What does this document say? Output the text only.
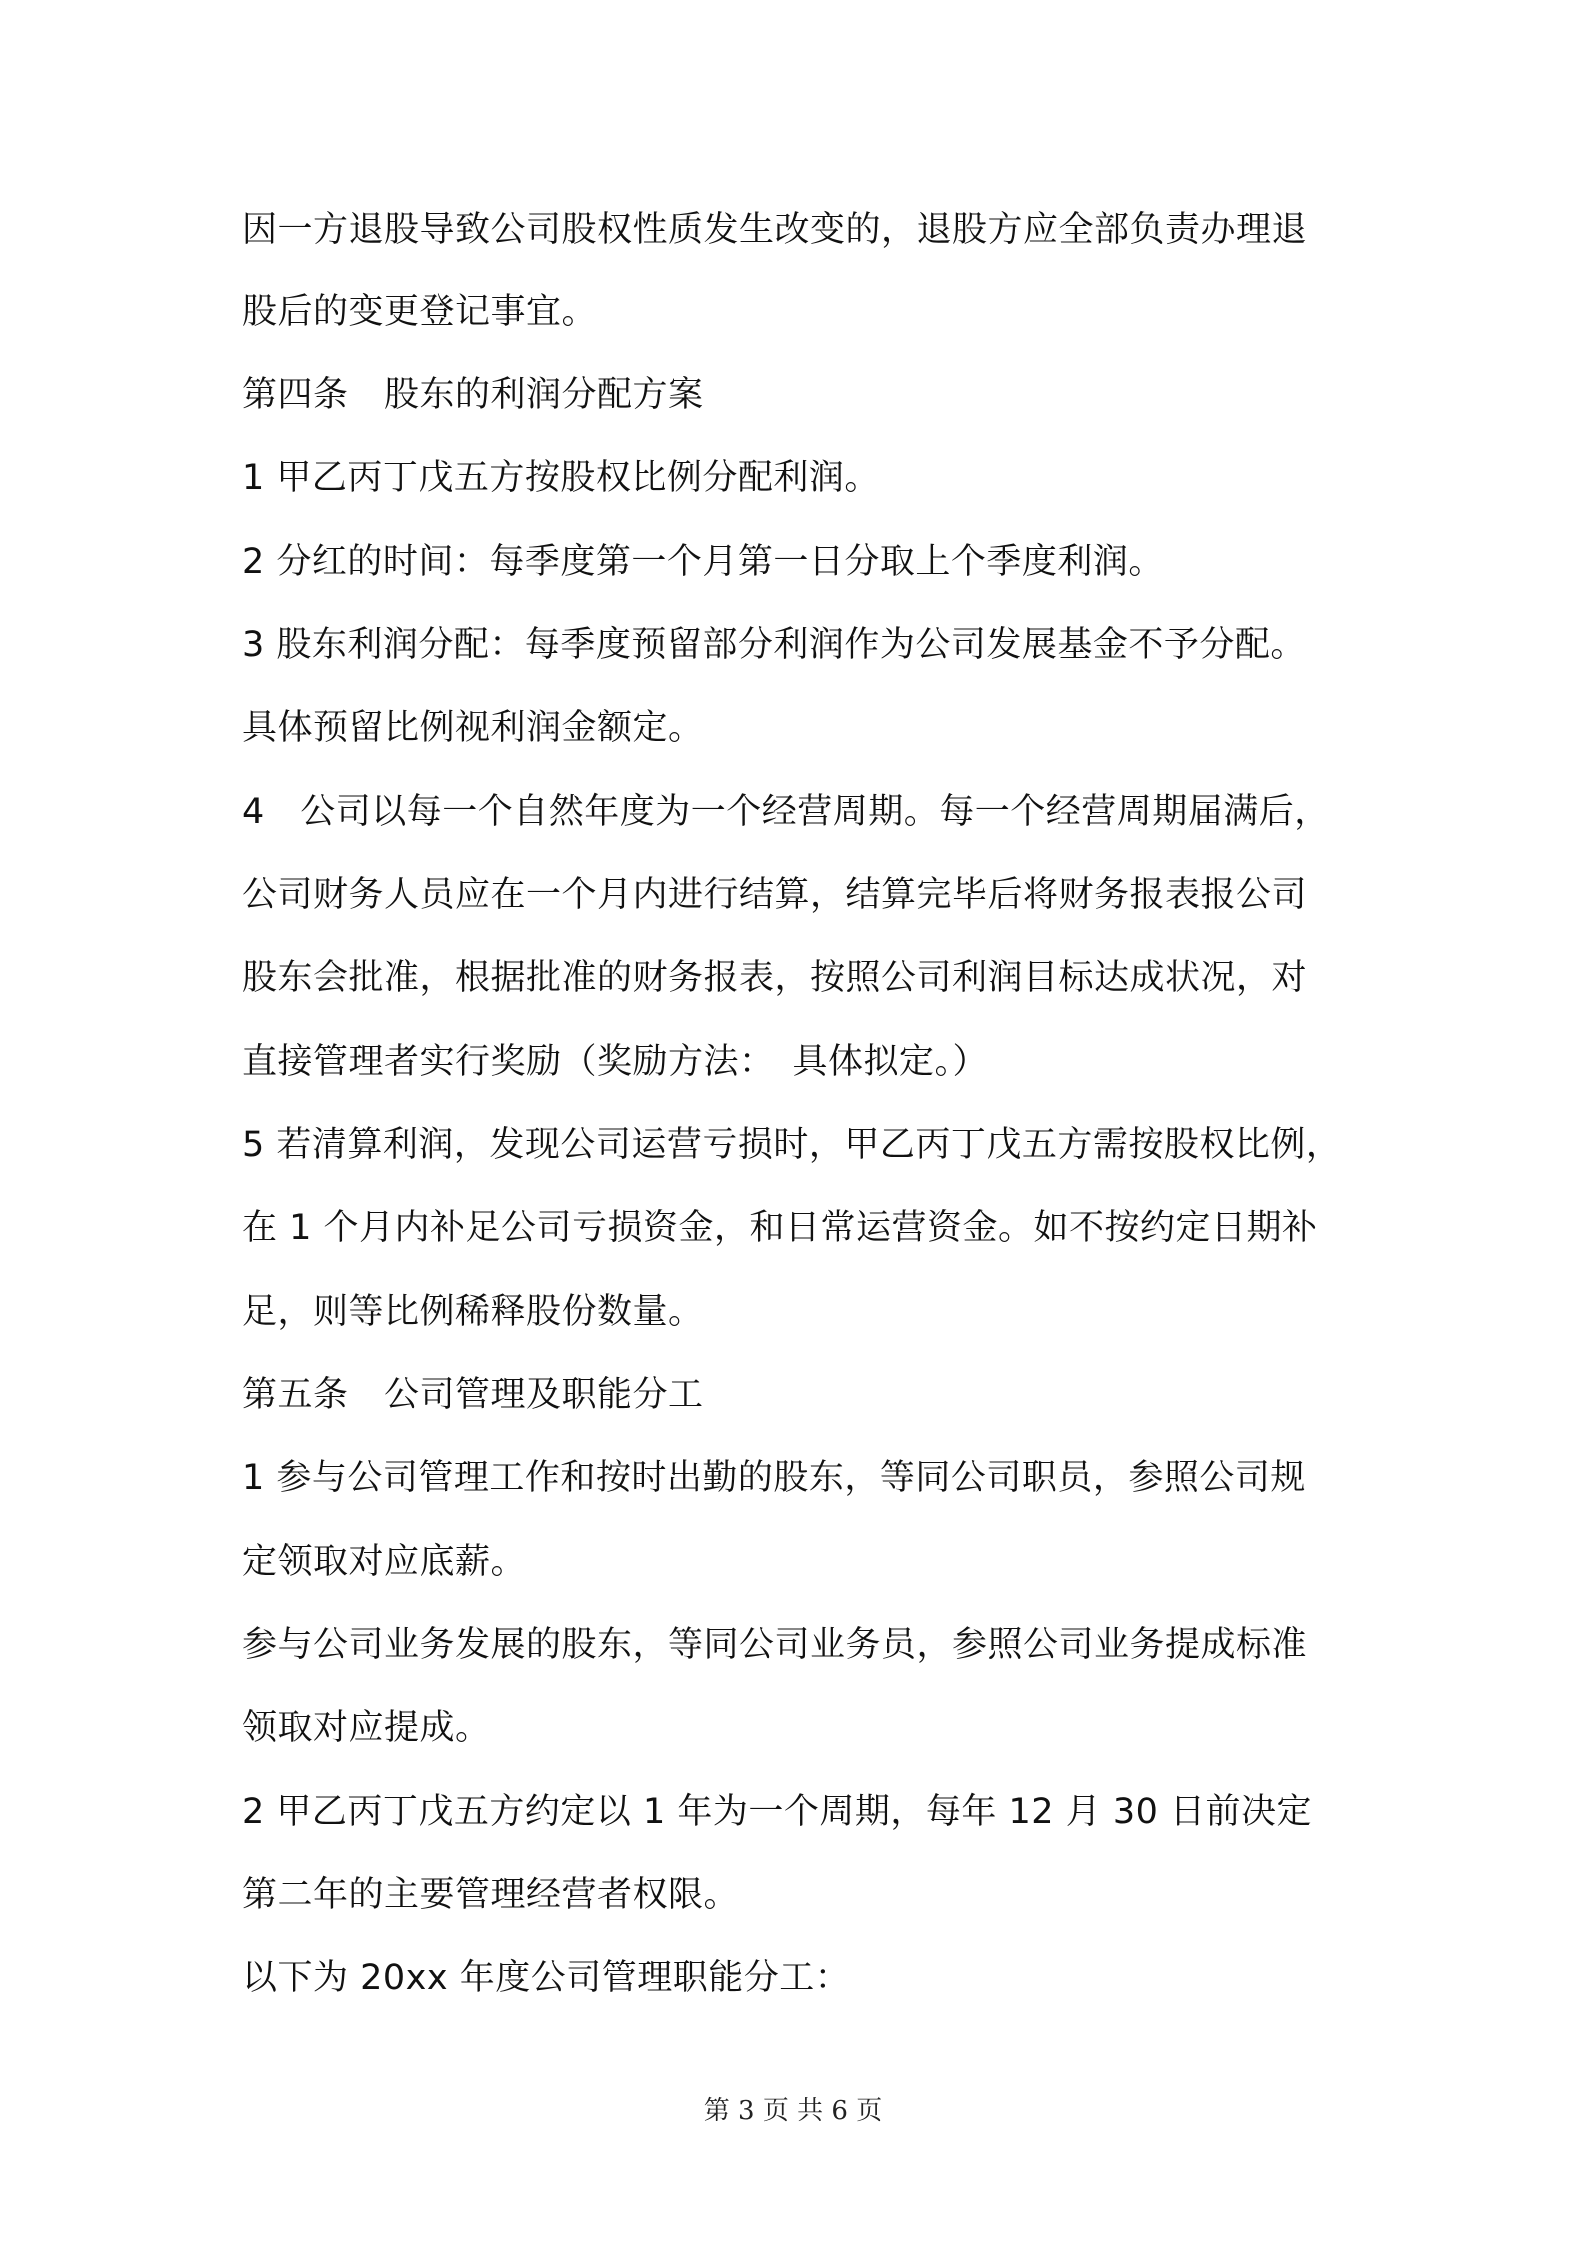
因一方退股导致公司股权性质发生改变的，退股方应全部负责办理退
股后的变更登记事宜。
第四条　股东的利润分配方案
1 甲乙丙丁戊五方按股权比例分配利润。
2 分红的时间：每季度第一个月第一日分取上个季度利润。
3 股东利润分配：每季度预留部分利润作为公司发展基金不予分配。
具体预留比例视利润金额定。
4　公司以每一个自然年度为一个经营周期。每一个经营周期届满后，
公司财务人员应在一个月内进行结算，结算完毕后将财务报表报公司
股东会批准，根据批准的财务报表，按照公司利润目标达成状况，对
直接管理者实行奖励（奖励方法：　具体拟定。）
5 若清算利润，发现公司运营亏损时，甲乙丙丁戊五方需按股权比例，
在 1 个月内补足公司亏损资金，和日常运营资金。如不按约定日期补
足，则等比例稀释股份数量。
第五条　公司管理及职能分工
1 参与公司管理工作和按时出勤的股东，等同公司职员，参照公司规
定领取对应底薪。
参与公司业务发展的股东，等同公司业务员，参照公司业务提成标准
领取对应提成。
2 甲乙丙丁戊五方约定以 1 年为一个周期，每年 12 月 30 日前决定
第二年的主要管理经营者权限。
以下为 20xx 年度公司管理职能分工：
第 3 页 共 6 页
